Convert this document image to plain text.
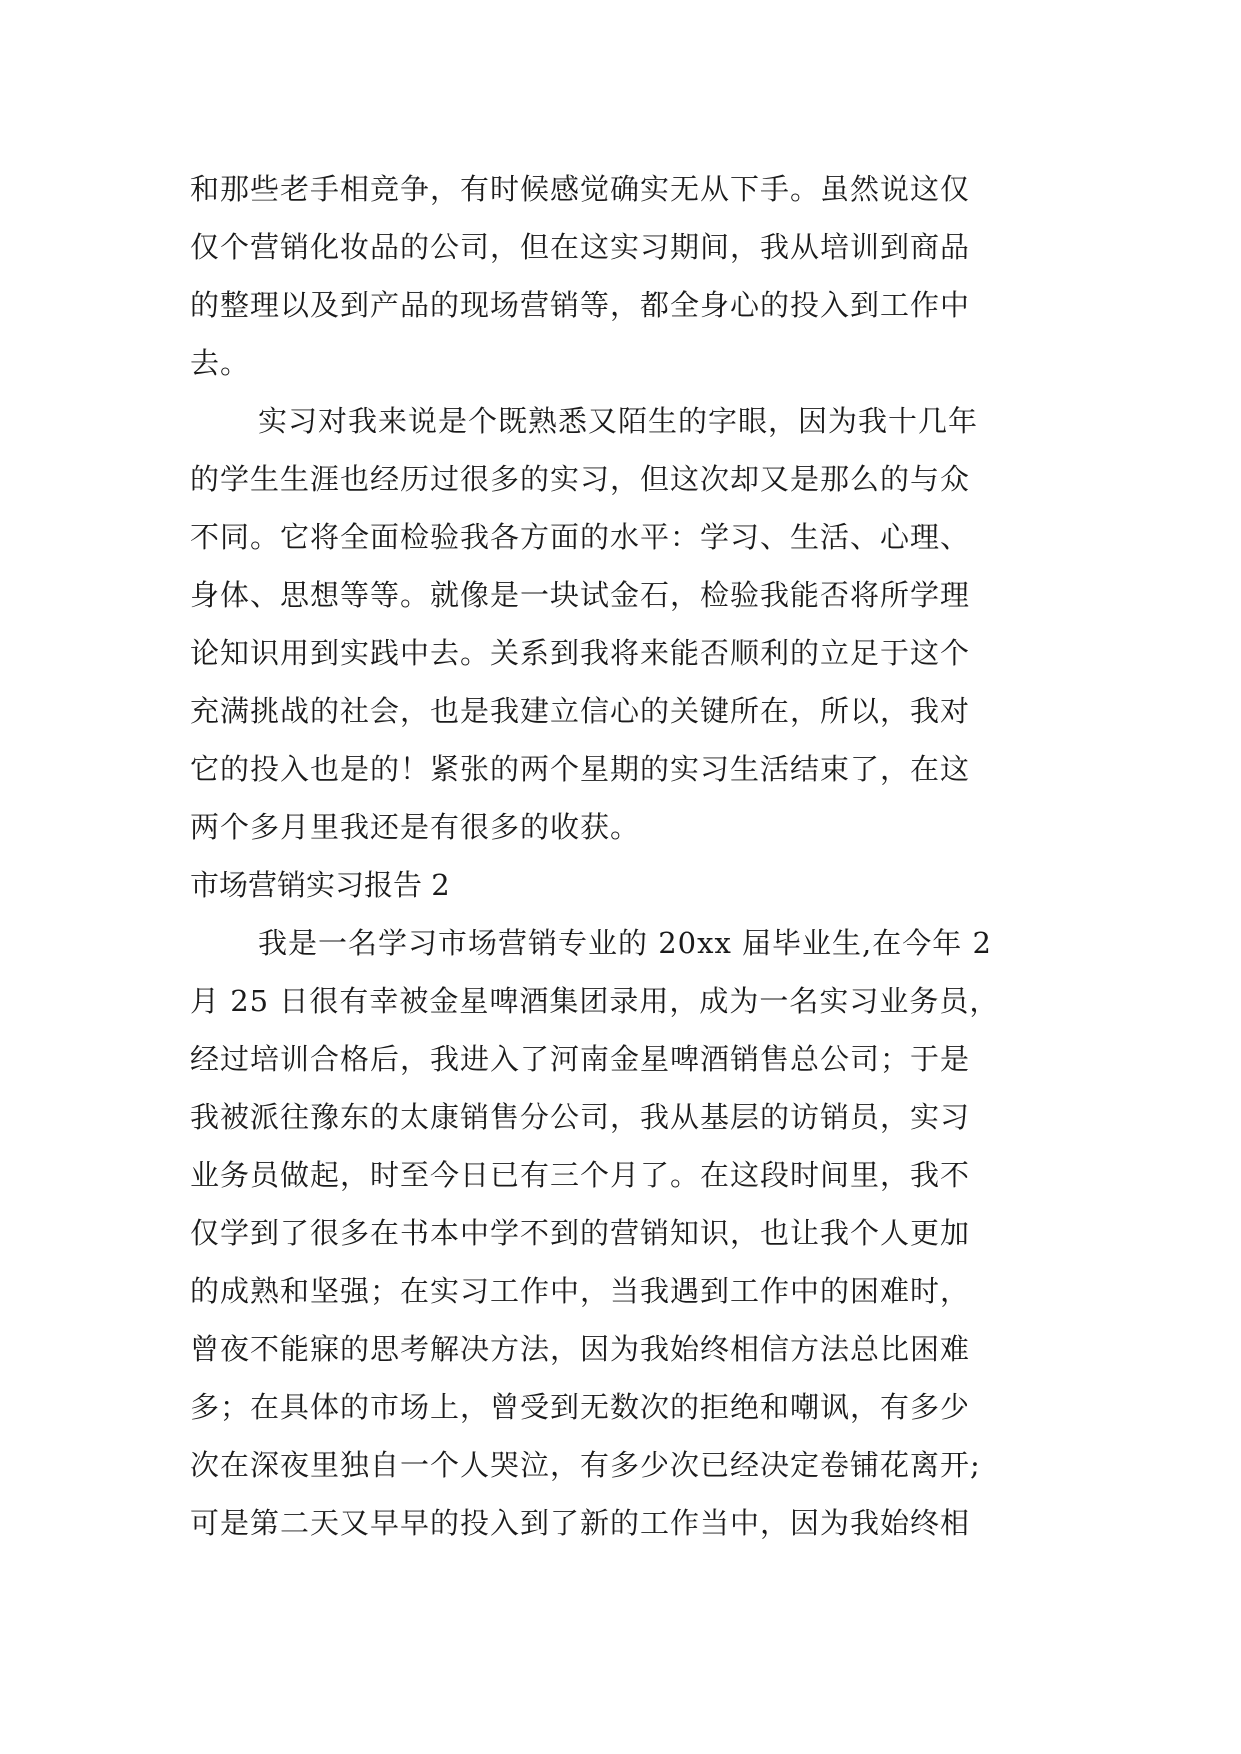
和那些老手相竞争，有时候感觉确实无从下手。虽然说这仅
仅个营销化妆品的公司，但在这实习期间，我从培训到商品
的整理以及到产品的现场营销等，都全身心的投入到工作中
去。
实习对我来说是个既熟悉又陌生的字眼，因为我十几年
的学生生涯也经历过很多的实习，但这次却又是那么的与众
不同。它将全面检验我各方面的水平：学习、生活、心理、
身体、思想等等。就像是一块试金石，检验我能否将所学理
论知识用到实践中去。关系到我将来能否顺利的立足于这个
充满挑战的社会，也是我建立信心的关键所在，所以，我对
它的投入也是的！紧张的两个星期的实习生活结束了，在这
两个多月里我还是有很多的收获。
市场营销实习报告 2
我是一名学习市场营销专业的 20xx 届毕业生,在今年 2
月 25 日很有幸被金星啤酒集团录用，成为一名实习业务员，
经过培训合格后，我进入了河南金星啤酒销售总公司；于是
我被派往豫东的太康销售分公司，我从基层的访销员，实习
业务员做起，时至今日已有三个月了。在这段时间里，我不
仅学到了很多在书本中学不到的营销知识，也让我个人更加
的成熟和坚强；在实习工作中，当我遇到工作中的困难时，
曾夜不能寐的思考解决方法，因为我始终相信方法总比困难
多；在具体的市场上，曾受到无数次的拒绝和嘲讽，有多少
次在深夜里独自一个人哭泣，有多少次已经决定卷铺花离开;
可是第二天又早早的投入到了新的工作当中，因为我始终相
